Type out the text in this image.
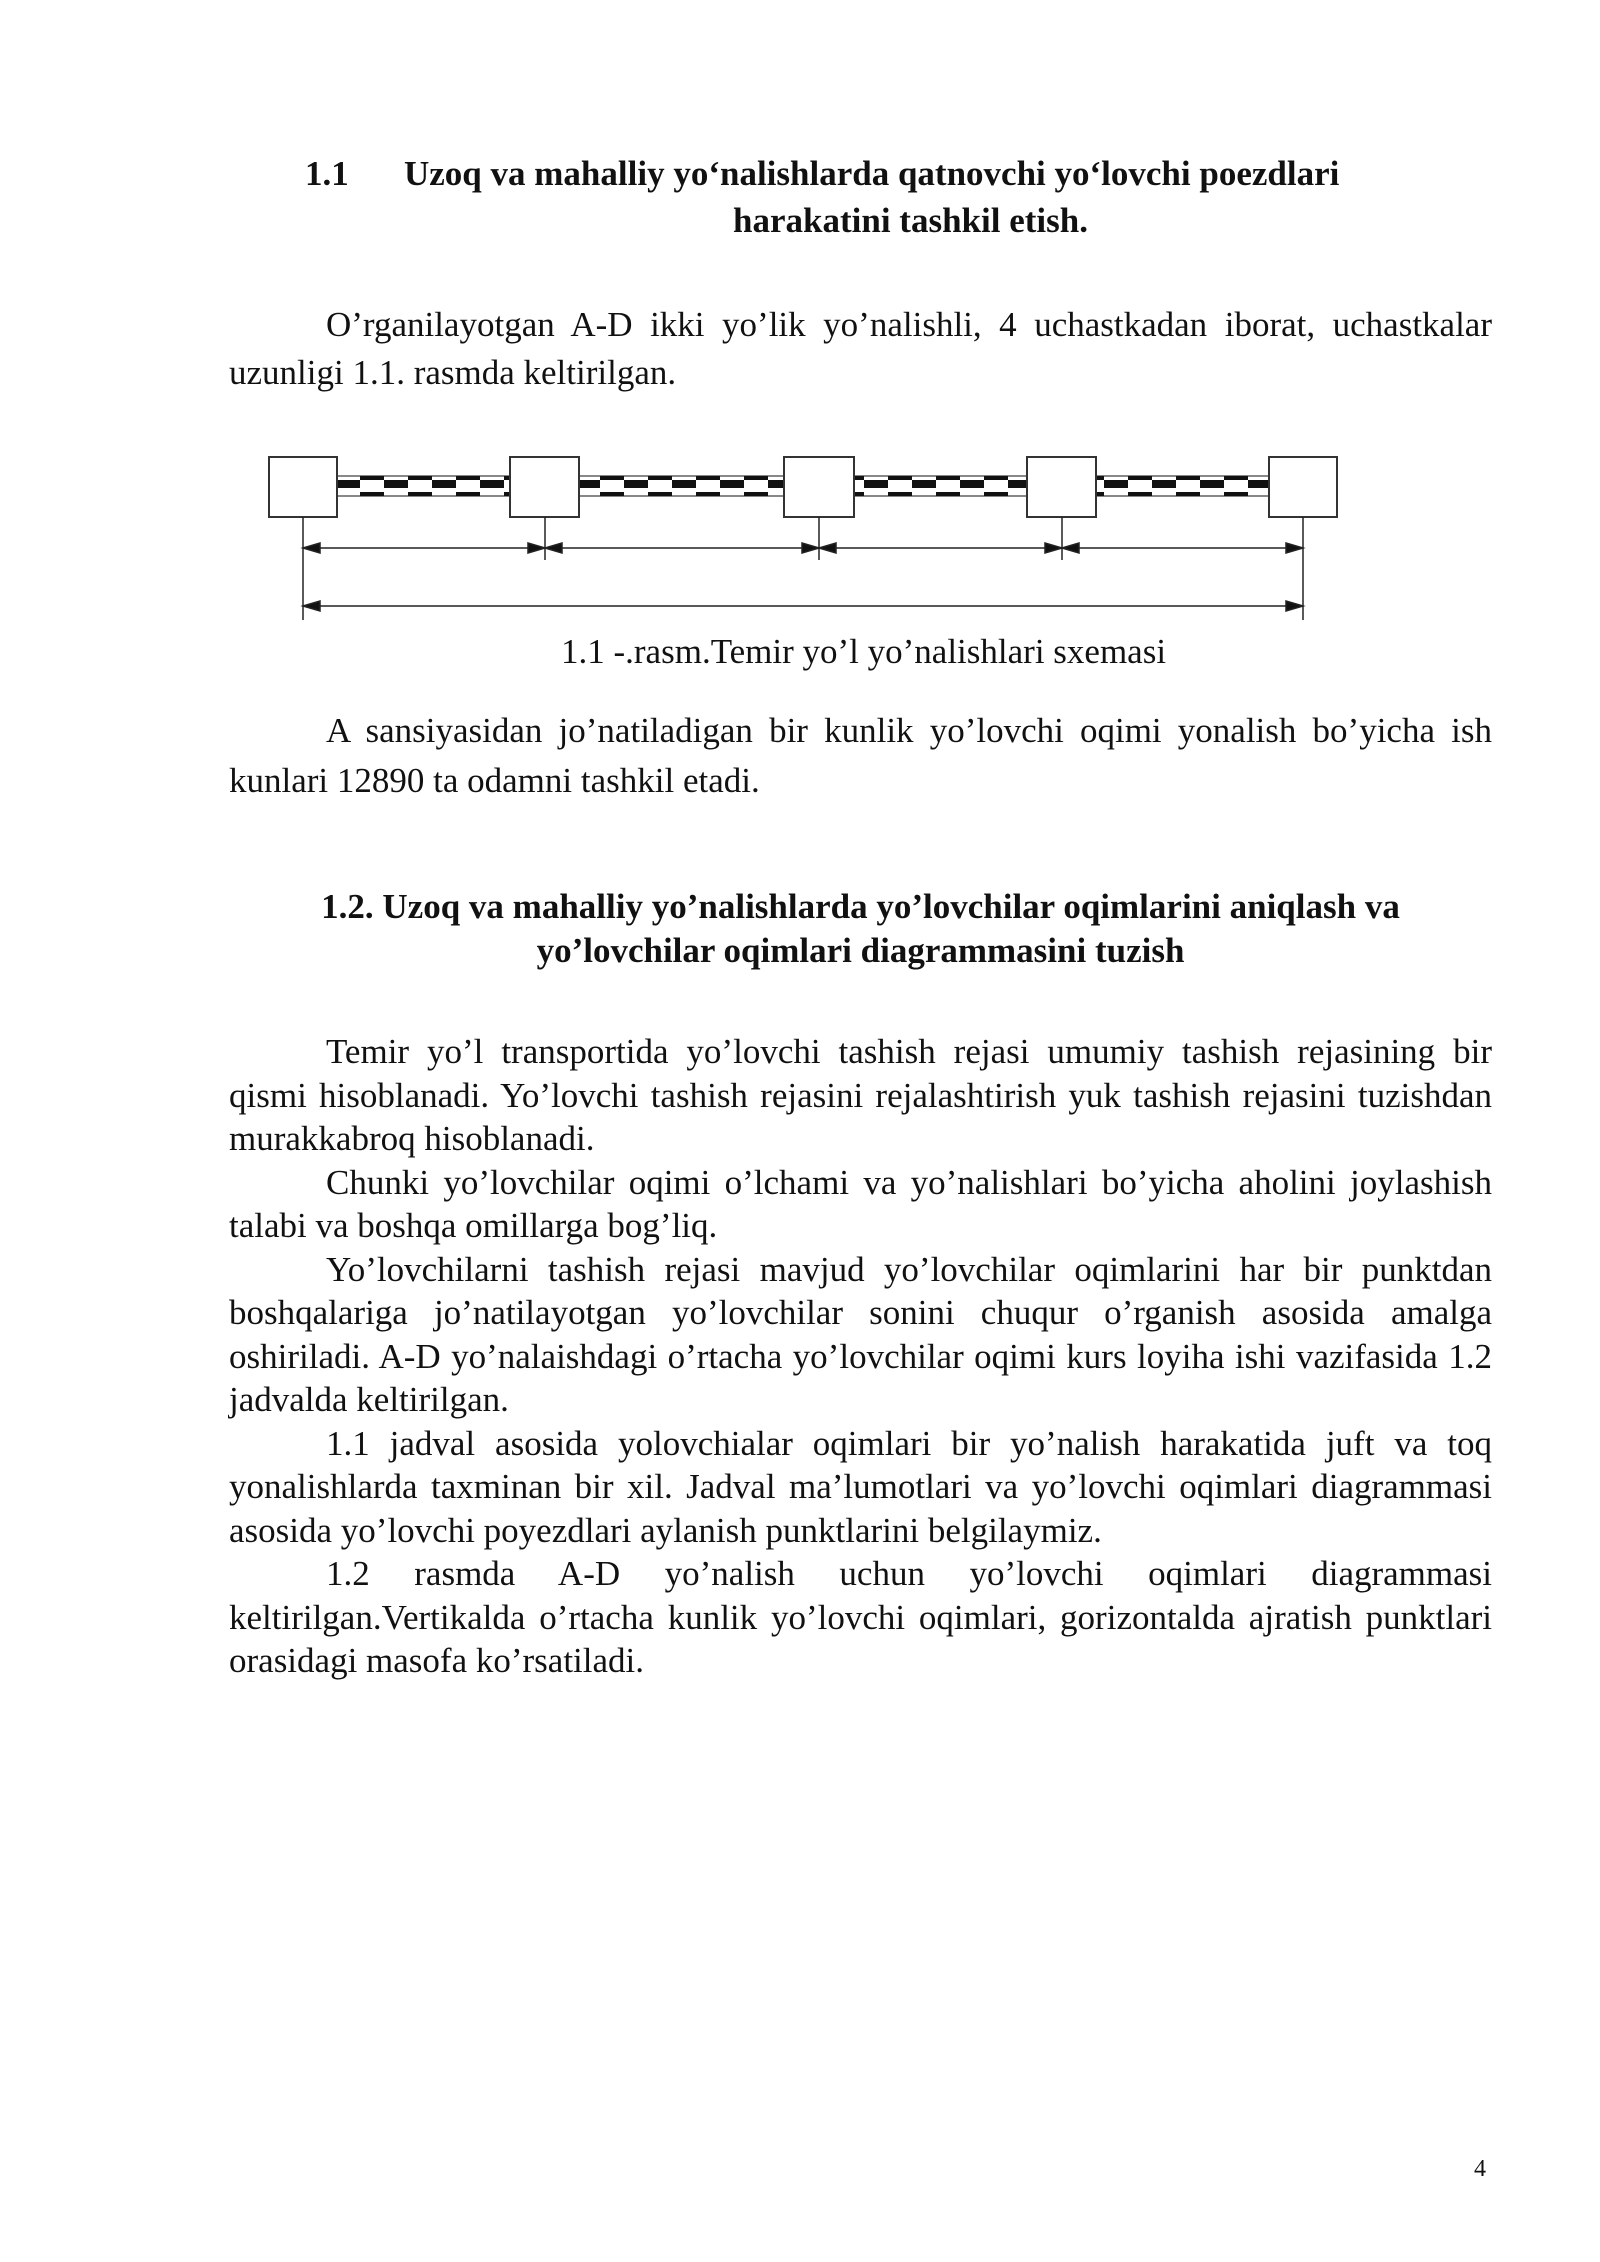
1.1 Uzoq va mahalliy yo‘nalishlarda qatnovchi yo‘lovchi poezdlari
harakatini tashkil etish.

O’rganilayotgan A-D ikki yo’lik yo’nalishli, 4 uchastkadan iborat, uchastkalar uzunligi 1.1. rasmda keltirilgan.

1.1 -.rasm.Temir yo’l yo’nalishlari sxemasi

A sansiyasidan jo’natiladigan bir kunlik yo’lovchi oqimi yonalish bo’yicha ish kunlari 12890 ta odamni tashkil etadi.

1.2. Uzoq va mahalliy yo’nalishlarda yo’lovchilar oqimlarini aniqlash va
yo’lovchilar oqimlari diagrammasini tuzish

Temir yo’l transportida yo’lovchi tashish rejasi umumiy tashish rejasining bir qismi hisoblanadi. Yo’lovchi tashish rejasini rejalashtirish yuk tashish rejasini tuzishdan murakkabroq hisoblanadi.

Chunki yo’lovchilar oqimi o’lchami va yo’nalishlari bo’yicha aholini joylashish talabi va boshqa omillarga bog’liq.

Yo’lovchilarni tashish rejasi mavjud yo’lovchilar oqimlarini har bir punktdan boshqalariga jo’natilayotgan yo’lovchilar sonini chuqur o’rganish asosida amalga oshiriladi. A-D yo’nalaishdagi o’rtacha yo’lovchilar oqimi kurs loyiha ishi vazifasida 1.2 jadvalda keltirilgan.

1.1 jadval asosida yolovchialar oqimlari bir yo’nalish harakatida juft va toq yonalishlarda taxminan bir xil. Jadval ma’lumotlari va yo’lovchi oqimlari diagrammasi asosida yo’lovchi poyezdlari aylanish punktlarini belgilaymiz.

1.2 rasmda A-D yo’nalish uchun yo’lovchi oqimlari diagrammasi keltirilgan.Vertikalda o’rtacha kunlik yo’lovchi oqimlari, gorizontalda ajratish punktlari orasidagi masofa ko’rsatiladi.

4
